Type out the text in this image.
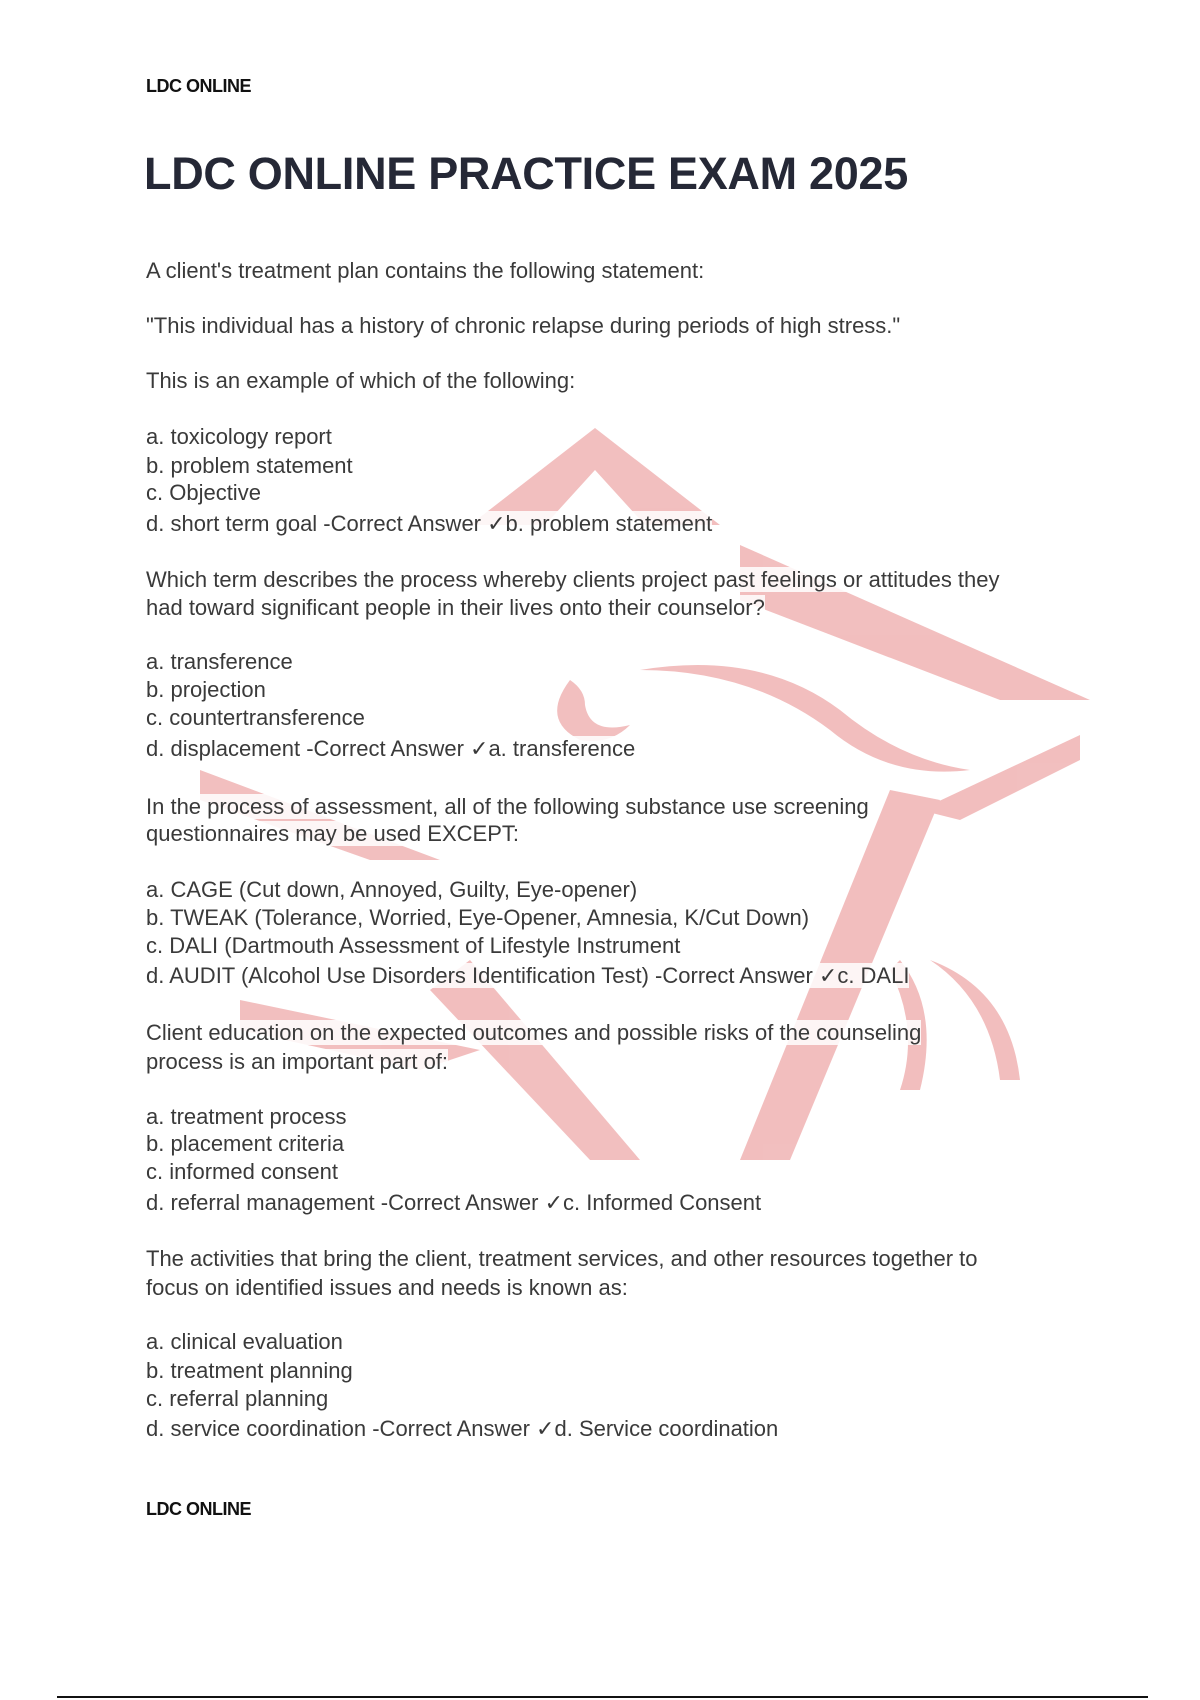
LDC ONLINE
LDC ONLINE PRACTICE EXAM 2025
A client's treatment plan contains the following statement:
"This individual has a history of chronic relapse during periods of high stress."
This is an example of which of the following:
a. toxicology report
b. problem statement
c. Objective
d. short term goal -Correct Answer ✓b. problem statement
Which term describes the process whereby clients project past feelings or attitudes they
had toward significant people in their lives onto their counselor?
a. transference
b. projection
c. countertransference
d. displacement -Correct Answer ✓a. transference
In the process of assessment, all of the following substance use screening
questionnaires may be used EXCEPT:
a. CAGE (Cut down, Annoyed, Guilty, Eye-opener)
b. TWEAK (Tolerance, Worried, Eye-Opener, Amnesia, K/Cut Down)
c. DALI (Dartmouth Assessment of Lifestyle Instrument
d. AUDIT (Alcohol Use Disorders Identification Test) -Correct Answer ✓c. DALI
Client education on the expected outcomes and possible risks of the counseling
process is an important part of:
a. treatment process
b. placement criteria
c. informed consent
d. referral management -Correct Answer ✓c. Informed Consent
The activities that bring the client, treatment services, and other resources together to
focus on identified issues and needs is known as:
a. clinical evaluation
b. treatment planning
c. referral planning
d. service coordination -Correct Answer ✓d. Service coordination
LDC ONLINE
